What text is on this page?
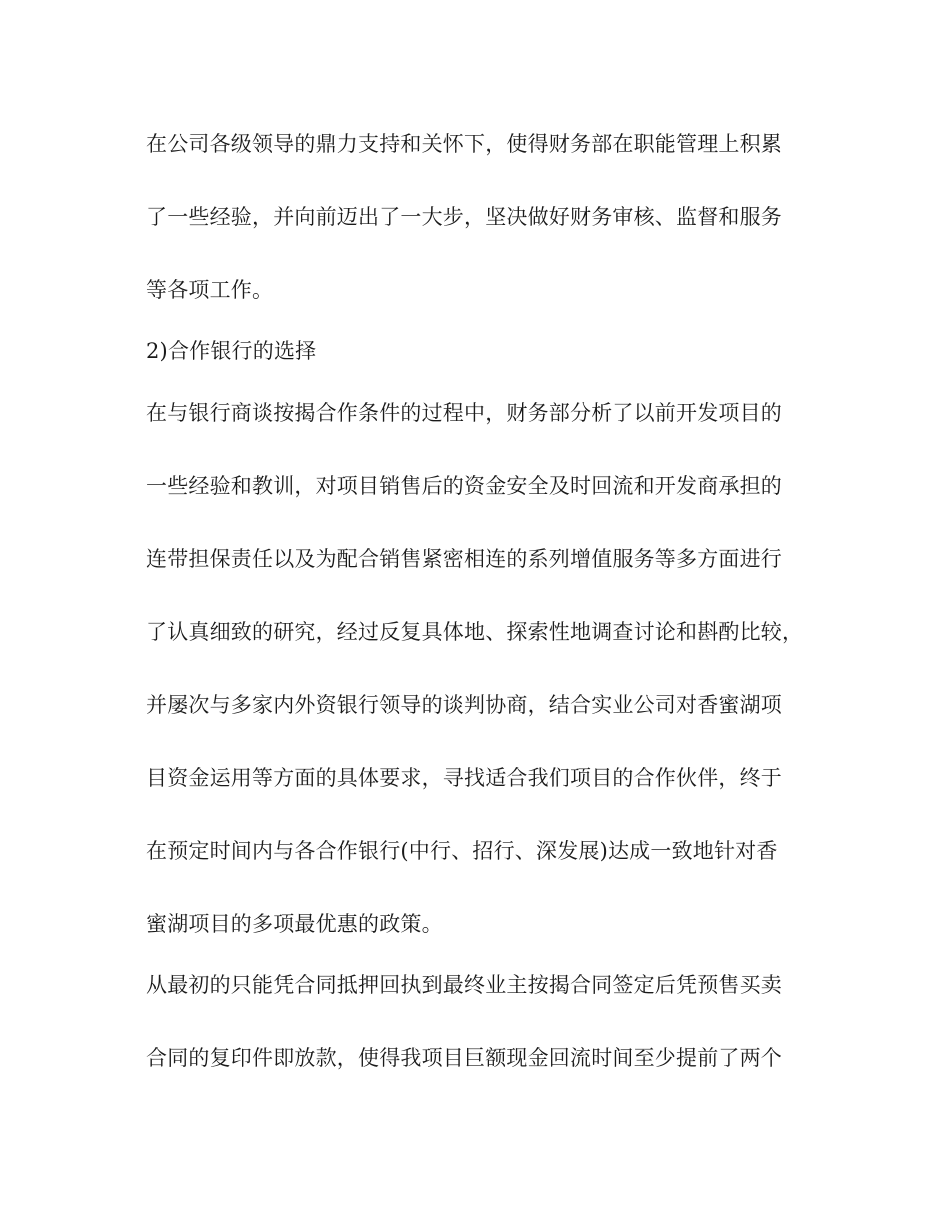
在公司各级领导的鼎力支持和关怀下，使得财务部在职能管理上积累
了一些经验，并向前迈出了一大步，坚决做好财务审核、监督和服务
等各项工作。
2)合作银行的选择
在与银行商谈按揭合作条件的过程中，财务部分析了以前开发项目的
一些经验和教训，对项目销售后的资金安全及时回流和开发商承担的
连带担保责任以及为配合销售紧密相连的系列增值服务等多方面进行
了认真细致的研究，经过反复具体地、探索性地调查讨论和斟酌比较，
并屡次与多家内外资银行领导的谈判协商，结合实业公司对香蜜湖项
目资金运用等方面的具体要求，寻找适合我们项目的合作伙伴，终于
在预定时间内与各合作银行(中行、招行、深发展)达成一致地针对香
蜜湖项目的多项最优惠的政策。
从最初的只能凭合同抵押回执到最终业主按揭合同签定后凭预售买卖
合同的复印件即放款，使得我项目巨额现金回流时间至少提前了两个
